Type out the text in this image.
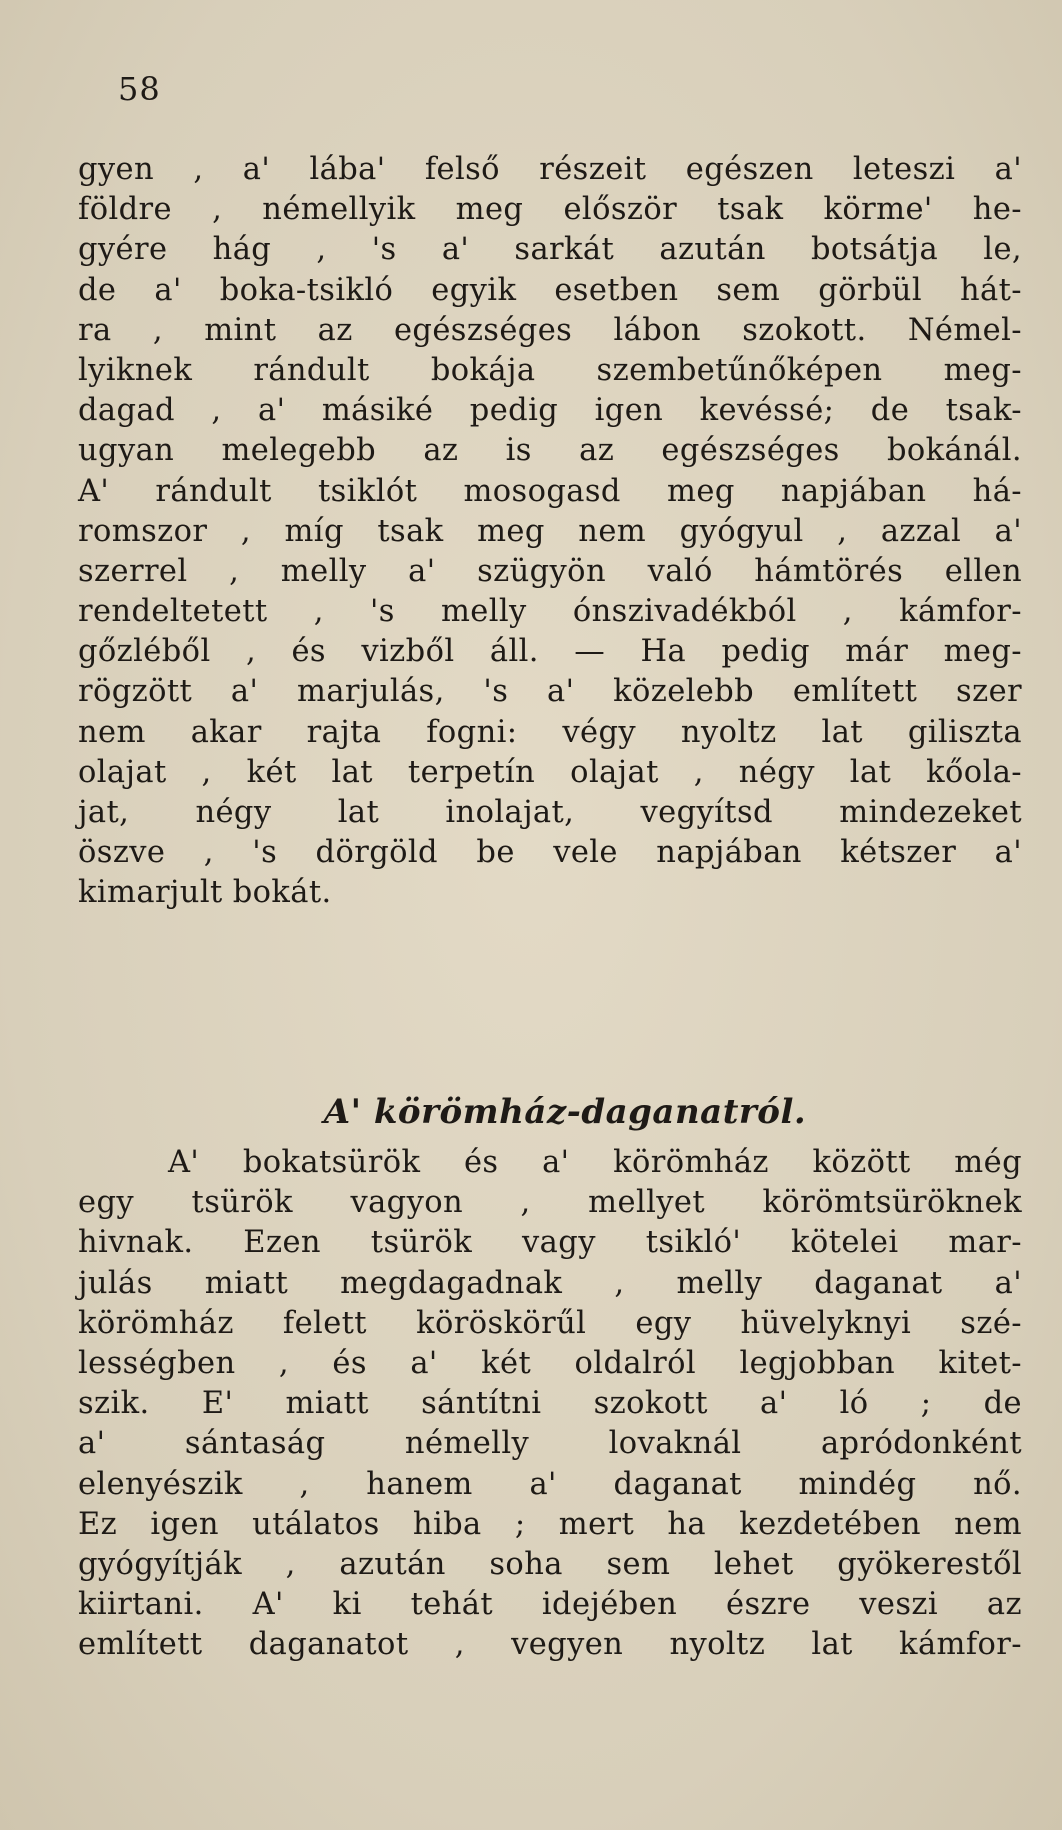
58
gyen , a' lába' felső részeit egészen leteszi a'
földre , némellyik meg először tsak körme' he-
gyére hág , 's a' sarkát azután botsátja le,
de a' boka-tsikló egyik esetben sem görbül hát-
ra , mint az egészséges lábon szokott. Némel-
lyiknek rándult bokája szembetűnőképen meg-
dagad , a' másiké pedig igen kevéssé; de tsak-
ugyan melegebb az is az egészséges bokánál.
A' rándult tsiklót mosogasd meg napjában há-
romszor , míg tsak meg nem gyógyul , azzal a'
szerrel , melly a' szügyön való hámtörés ellen
rendeltetett , 's melly ónszivadékból , kámfor-
gőzléből , és vizből áll. — Ha pedig már meg-
rögzött a' marjulás, 's a' közelebb említett szer
nem akar rajta fogni: végy nyoltz lat giliszta
olajat , két lat terpetín olajat , négy lat kőola-
jat, négy lat inolajat, vegyítsd mindezeket
öszve , 's dörgöld be vele napjában kétszer a'
kimarjult bokát.
A' körömház-daganatról.
A' bokatsürök és a' körömház között még
egy tsürök vagyon , mellyet körömtsüröknek
hivnak. Ezen tsürök vagy tsikló' kötelei mar-
julás miatt megdagadnak , melly daganat a'
körömház felett köröskörűl egy hüvelyknyi szé-
lességben , és a' két oldalról legjobban kitet-
szik. E' miatt sántítni szokott a' ló ; de
a' sántaság némelly lovaknál apródonként
elenyészik , hanem a' daganat mindég nő.
Ez igen utálatos hiba ; mert ha kezdetében nem
gyógyítják , azután soha sem lehet gyökerestől
kiirtani. A' ki tehát idejében észre veszi az
említett daganatot , vegyen nyoltz lat kámfor-
